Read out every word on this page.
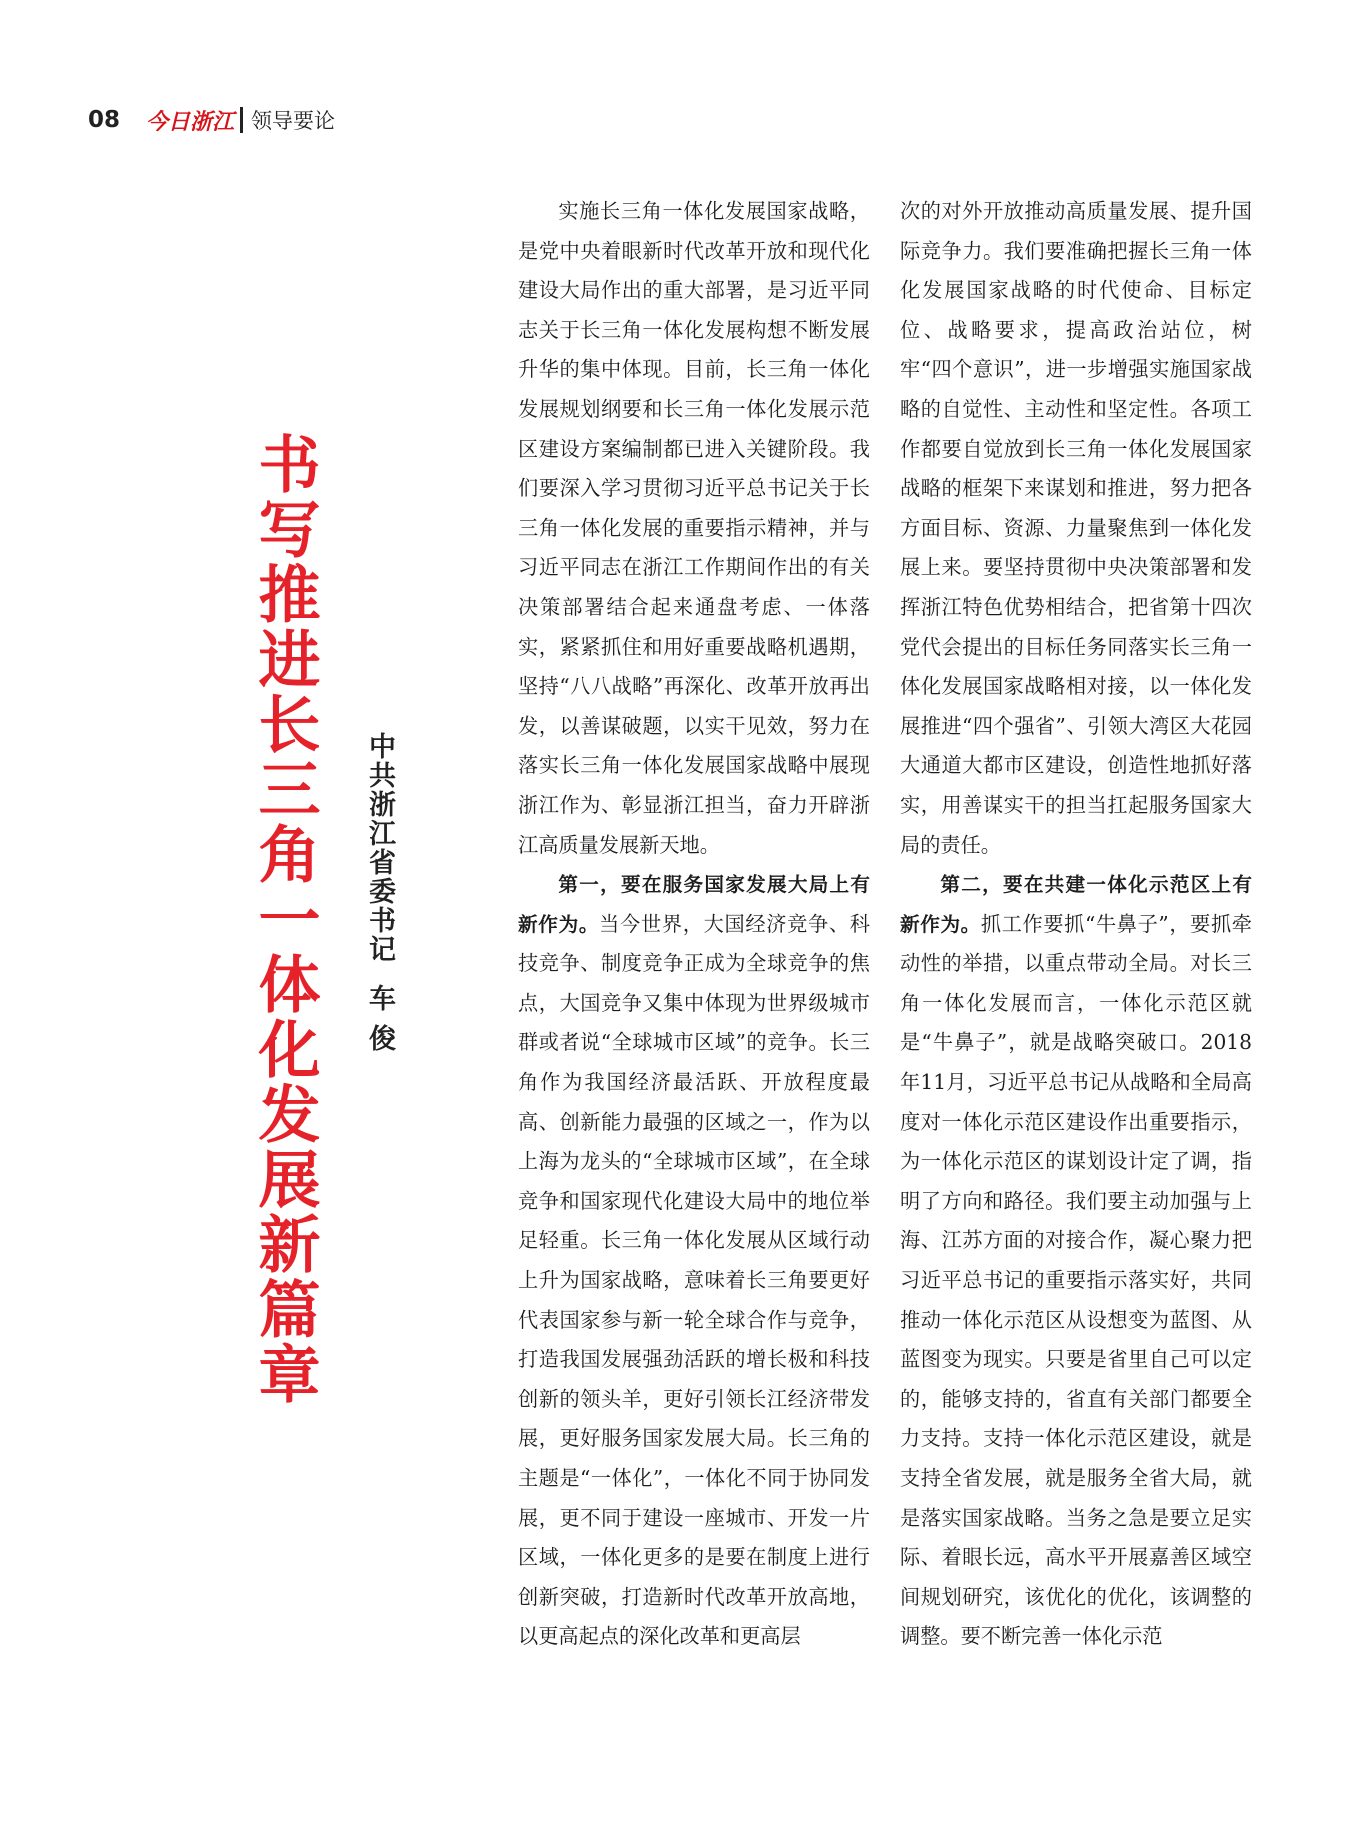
08 今日浙江 领导要论
书写推进长三角一体化发展新篇章 中共浙江省委书记车 俊

实施长三角一体化发展国家战略，是党中央着眼新时代改革开放和现代化建设大局作出的重大部署，是习近平同志关于长三角一体化发展构想不断发展升华的集中体现。目前，长三角一体化发展规划纲要和长三角一体化发展示范区建设方案编制都已进入关键阶段。我们要深入学习贯彻习近平总书记关于长三角一体化发展的重要指示精神，并与习近平同志在浙江工作期间作出的有关决策部署结合起来通盘考虑、一体落实，紧紧抓住和用好重要战略机遇期，坚持“八八战略”再深化、改革开放再出发，以善谋破题，以实干见效，努力在落实长三角一体化发展国家战略中展现浙江作为、彰显浙江担当，奋力开辟浙江高质量发展新天地。

第一，要在服务国家发展大局上有新作为。当今世界，大国经济竞争、科技竞争、制度竞争正成为全球竞争的焦点，大国竞争又集中体现为世界级城市群或者说“全球城市区域”的竞争。长三角作为我国经济最活跃、开放程度最高、创新能力最强的区域之一，作为以上海为龙头的“全球城市区域”，在全球竞争和国家现代化建设大局中的地位举足轻重。长三角一体化发展从区域行动上升为国家战略，意味着长三角要更好代表国家参与新一轮全球合作与竞争，打造我国发展强劲活跃的增长极和科技创新的领头羊，更好引领长江经济带发展，更好服务国家发展大局。长三角的主题是“一体化”，一体化不同于协同发展，更不同于建设一座城市、开发一片区域，一体化更多的是要在制度上进行创新突破，打造新时代改革开放高地，以更高起点的深化改革和更高层

次的对外开放推动高质量发展、提升国际竞争力。我们要准确把握长三角一体化发展国家战略的时代使命、目标定位、战略要求，提高政治站位，树牢“四个意识”，进一步增强实施国家战略的自觉性、主动性和坚定性。各项工作都要自觉放到长三角一体化发展国家战略的框架下来谋划和推进，努力把各方面目标、资源、力量聚焦到一体化发展上来。要坚持贯彻中央决策部署和发挥浙江特色优势相结合，把省第十四次党代会提出的目标任务同落实长三角一体化发展国家战略相对接，以一体化发展推进“四个强省”、引领大湾区大花园大通道大都市区建设，创造性地抓好落实，用善谋实干的担当扛起服务国家大局的责任。

第二，要在共建一体化示范区上有新作为。抓工作要抓“牛鼻子”，要抓牵动性的举措，以重点带动全局。对长三角一体化发展而言，一体化示范区就是“牛鼻子”，就是战略突破口。2018年11月，习近平总书记从战略和全局高度对一体化示范区建设作出重要指示，为一体化示范区的谋划设计定了调，指明了方向和路径。我们要主动加强与上海、江苏方面的对接合作，凝心聚力把习近平总书记的重要指示落实好，共同推动一体化示范区从设想变为蓝图、从蓝图变为现实。只要是省里自己可以定的，能够支持的，省直有关部门都要全力支持。支持一体化示范区建设，就是支持全省发展，就是服务全省大局，就是落实国家战略。当务之急是要立足实际、着眼长远，高水平开展嘉善区域空间规划研究，该优化的优化，该调整的调整。要不断完善一体化示范
